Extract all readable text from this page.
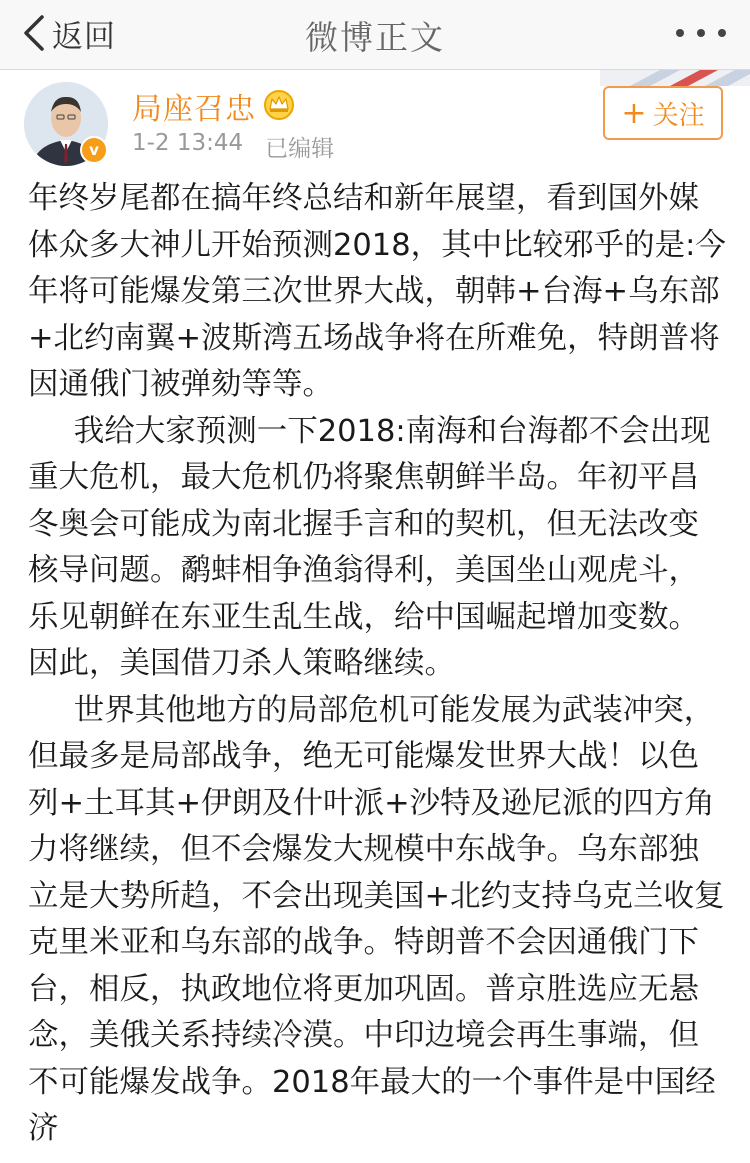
返回	微博正文
v
局座召忠
1-2 13:44 已编辑
+ 关注

年终岁尾都在搞年终总结和新年展望，看到国外媒体众多大神儿开始预测2018，其中比较邪乎的是:今年将可能爆发第三次世界大战，朝韩+台海+乌东部+北约南翼+波斯湾五场战争将在所难免，特朗普将因通俄门被弹劾等等。

我给大家预测一下2018:南海和台海都不会出现重大危机，最大危机仍将聚焦朝鲜半岛。年初平昌冬奥会可能成为南北握手言和的契机，但无法改变核导问题。鹬蚌相争渔翁得利，美国坐山观虎斗，乐见朝鲜在东亚生乱生战，给中国崛起增加变数。因此，美国借刀杀人策略继续。

世界其他地方的局部危机可能发展为武装冲突，但最多是局部战争，绝无可能爆发世界大战！以色列+土耳其+伊朗及什叶派+沙特及逊尼派的四方角力将继续，但不会爆发大规模中东战争。乌东部独立是大势所趋，不会出现美国+北约支持乌克兰收复克里米亚和乌东部的战争。特朗普不会因通俄门下台，相反，执政地位将更加巩固。普京胜选应无悬念，美俄关系持续冷漠。中印边境会再生事端，但不可能爆发战争。2018年最大的一个事件是中国经济
